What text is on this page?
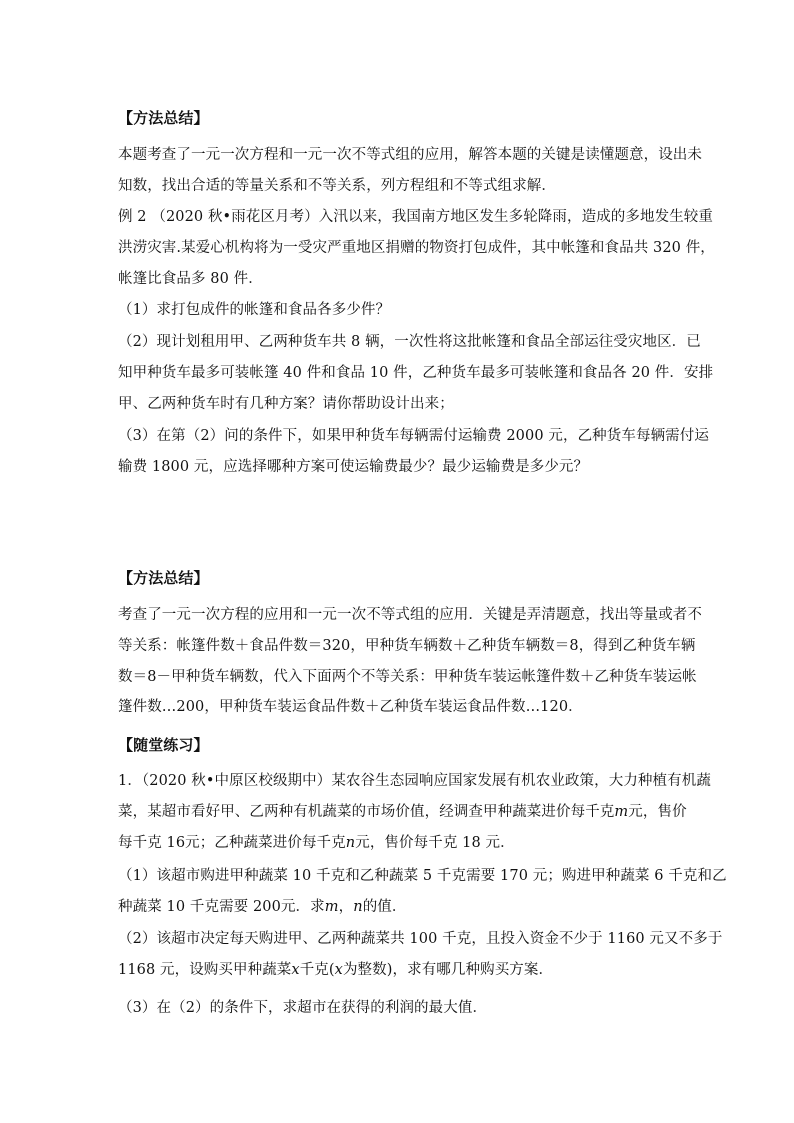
【方法总结】
本题考查了一元一次方程和一元一次不等式组的应用，解答本题的关键是读懂题意，设出未
知数，找出合适的等量关系和不等关系，列方程组和不等式组求解．
例 2 （2020 秋•雨花区月考）入汛以来，我国南方地区发生多轮降雨，造成的多地发生较重
洪涝灾害.某爱心机构将为一受灾严重地区捐赠的物资打包成件，其中帐篷和食品共 320 件，
帐篷比食品多 80 件．
（1）求打包成件的帐篷和食品各多少件？
（2）现计划租用甲、乙两种货车共 8 辆，一次性将这批帐篷和食品全部运往受灾地区．已
知甲种货车最多可装帐篷 40 件和食品 10 件，乙种货车最多可装帐篷和食品各 20 件．安排
甲、乙两种货车时有几种方案？请你帮助设计出来；
（3）在第（2）问的条件下，如果甲种货车每辆需付运输费 2000 元，乙种货车每辆需付运
输费 1800 元，应选择哪种方案可使运输费最少？最少运输费是多少元？
【方法总结】
考查了一元一次方程的应用和一元一次不等式组的应用．关键是弄清题意，找出等量或者不
等关系：帐篷件数＋食品件数＝320，甲种货车辆数＋乙种货车辆数＝8，得到乙种货车辆
数＝8－甲种货车辆数，代入下面两个不等关系：甲种货车装运帐篷件数＋乙种货车装运帐
篷件数…200，甲种货车装运食品件数＋乙种货车装运食品件数…120．
【随堂练习】
1．（2020 秋•中原区校级期中）某农谷生态园响应国家发展有机农业政策，大力种植有机蔬
菜，某超市看好甲、乙两种有机蔬菜的市场价值，经调查甲种蔬菜进价每千克m元，售价
每千克 16元；乙种蔬菜进价每千克n元，售价每千克 18 元．
（1）该超市购进甲种蔬菜 10 千克和乙种蔬菜 5 千克需要 170 元；购进甲种蔬菜 6 千克和乙
种蔬菜 10 千克需要 200元．求m，n的值．
（2）该超市决定每天购进甲、乙两种蔬菜共 100 千克，且投入资金不少于 1160 元又不多于
1168 元，设购买甲种蔬菜x千克(x为整数)，求有哪几种购买方案．
（3）在（2）的条件下，求超市在获得的利润的最大值．
